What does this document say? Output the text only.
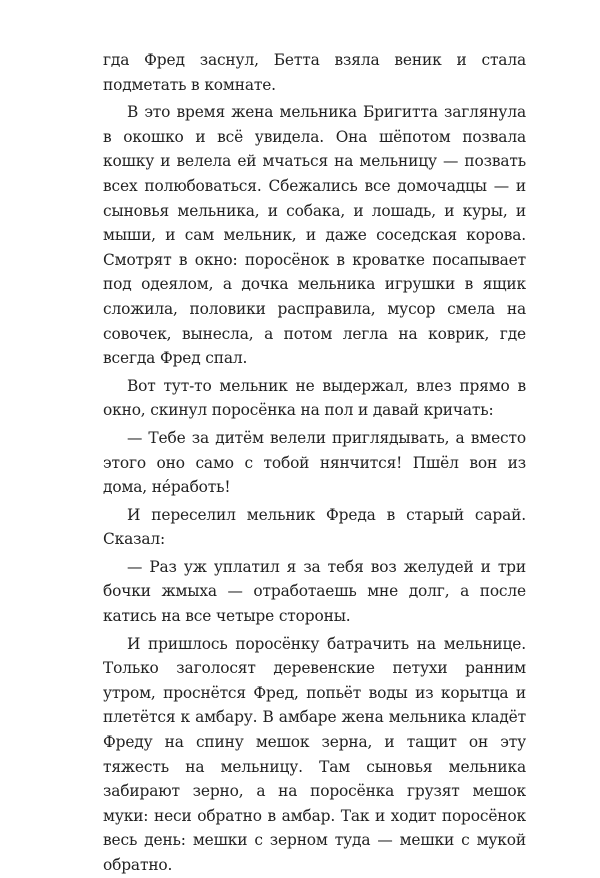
гда Фред заснул, Бетта взяла веник и стала подметать в комнате.

В это время жена мельника Бригитта заглянула в окошко и всё увидела. Она шёпотом позвала кошку и велела ей мчаться на мельницу — позвать всех полюбоваться. Сбежались все домочадцы — и сыновья мельника, и собака, и лошадь, и куры, и мыши, и сам мельник, и даже соседская корова. Смотрят в окно: поросёнок в кроватке посапывает под одеялом, а дочка мельника игрушки в ящик сложила, половики расправила, мусор смела на совочек, вынесла, а потом легла на коврик, где всегда Фред спал.

Вот тут-то мельник не выдержал, влез прямо в окно, скинул поросёнка на пол и давай кричать:

— Тебе за дитём велели приглядывать, а вместо этого оно само с тобой нянчится! Пшёл вон из дома, нéработь!

И переселил мельник Фреда в старый сарай. Сказал:

— Раз уж уплатил я за тебя воз желудей и три бочки жмыха — отработаешь мне долг, а после катись на все четыре стороны.

И пришлось поросёнку батрачить на мельнице. Только заголосят деревенские петухи ранним утром, проснётся Фред, попьёт воды из корытца и плетётся к амбару. В амбаре жена мельника кладёт Фреду на спину мешок зерна, и тащит он эту тяжесть на мельницу. Там сыновья мельника забирают зерно, а на поросёнка грузят мешок муки: неси обратно в амбар. Так и ходит поросёнок весь день: мешки с зерном туда — мешки с мукой обратно.
